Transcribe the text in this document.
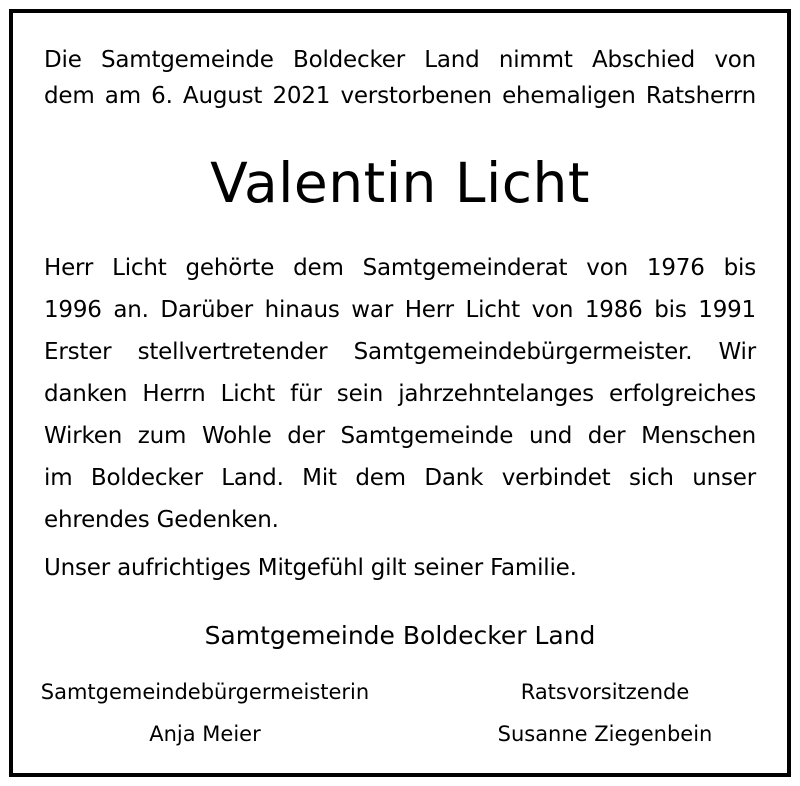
Die Samtgemeinde Boldecker Land nimmt Abschied von
dem am 6. August 2021 verstorbenen ehemaligen Ratsherrn
Valentin Licht
Herr Licht gehörte dem Samtgemeinderat von 1976 bis
1996 an. Darüber hinaus war Herr Licht von 1986 bis 1991
Erster stellvertretender Samtgemeindebürgermeister. Wir
danken Herrn Licht für sein jahrzehntelanges erfolgreiches
Wirken zum Wohle der Samtgemeinde und der Menschen
im Boldecker Land. Mit dem Dank verbindet sich unser
ehrendes Gedenken.
Unser aufrichtiges Mitgefühl gilt seiner Familie.
Samtgemeinde Boldecker Land
Samtgemeindebürgermeisterin
Anja Meier
Ratsvorsitzende
Susanne Ziegenbein
